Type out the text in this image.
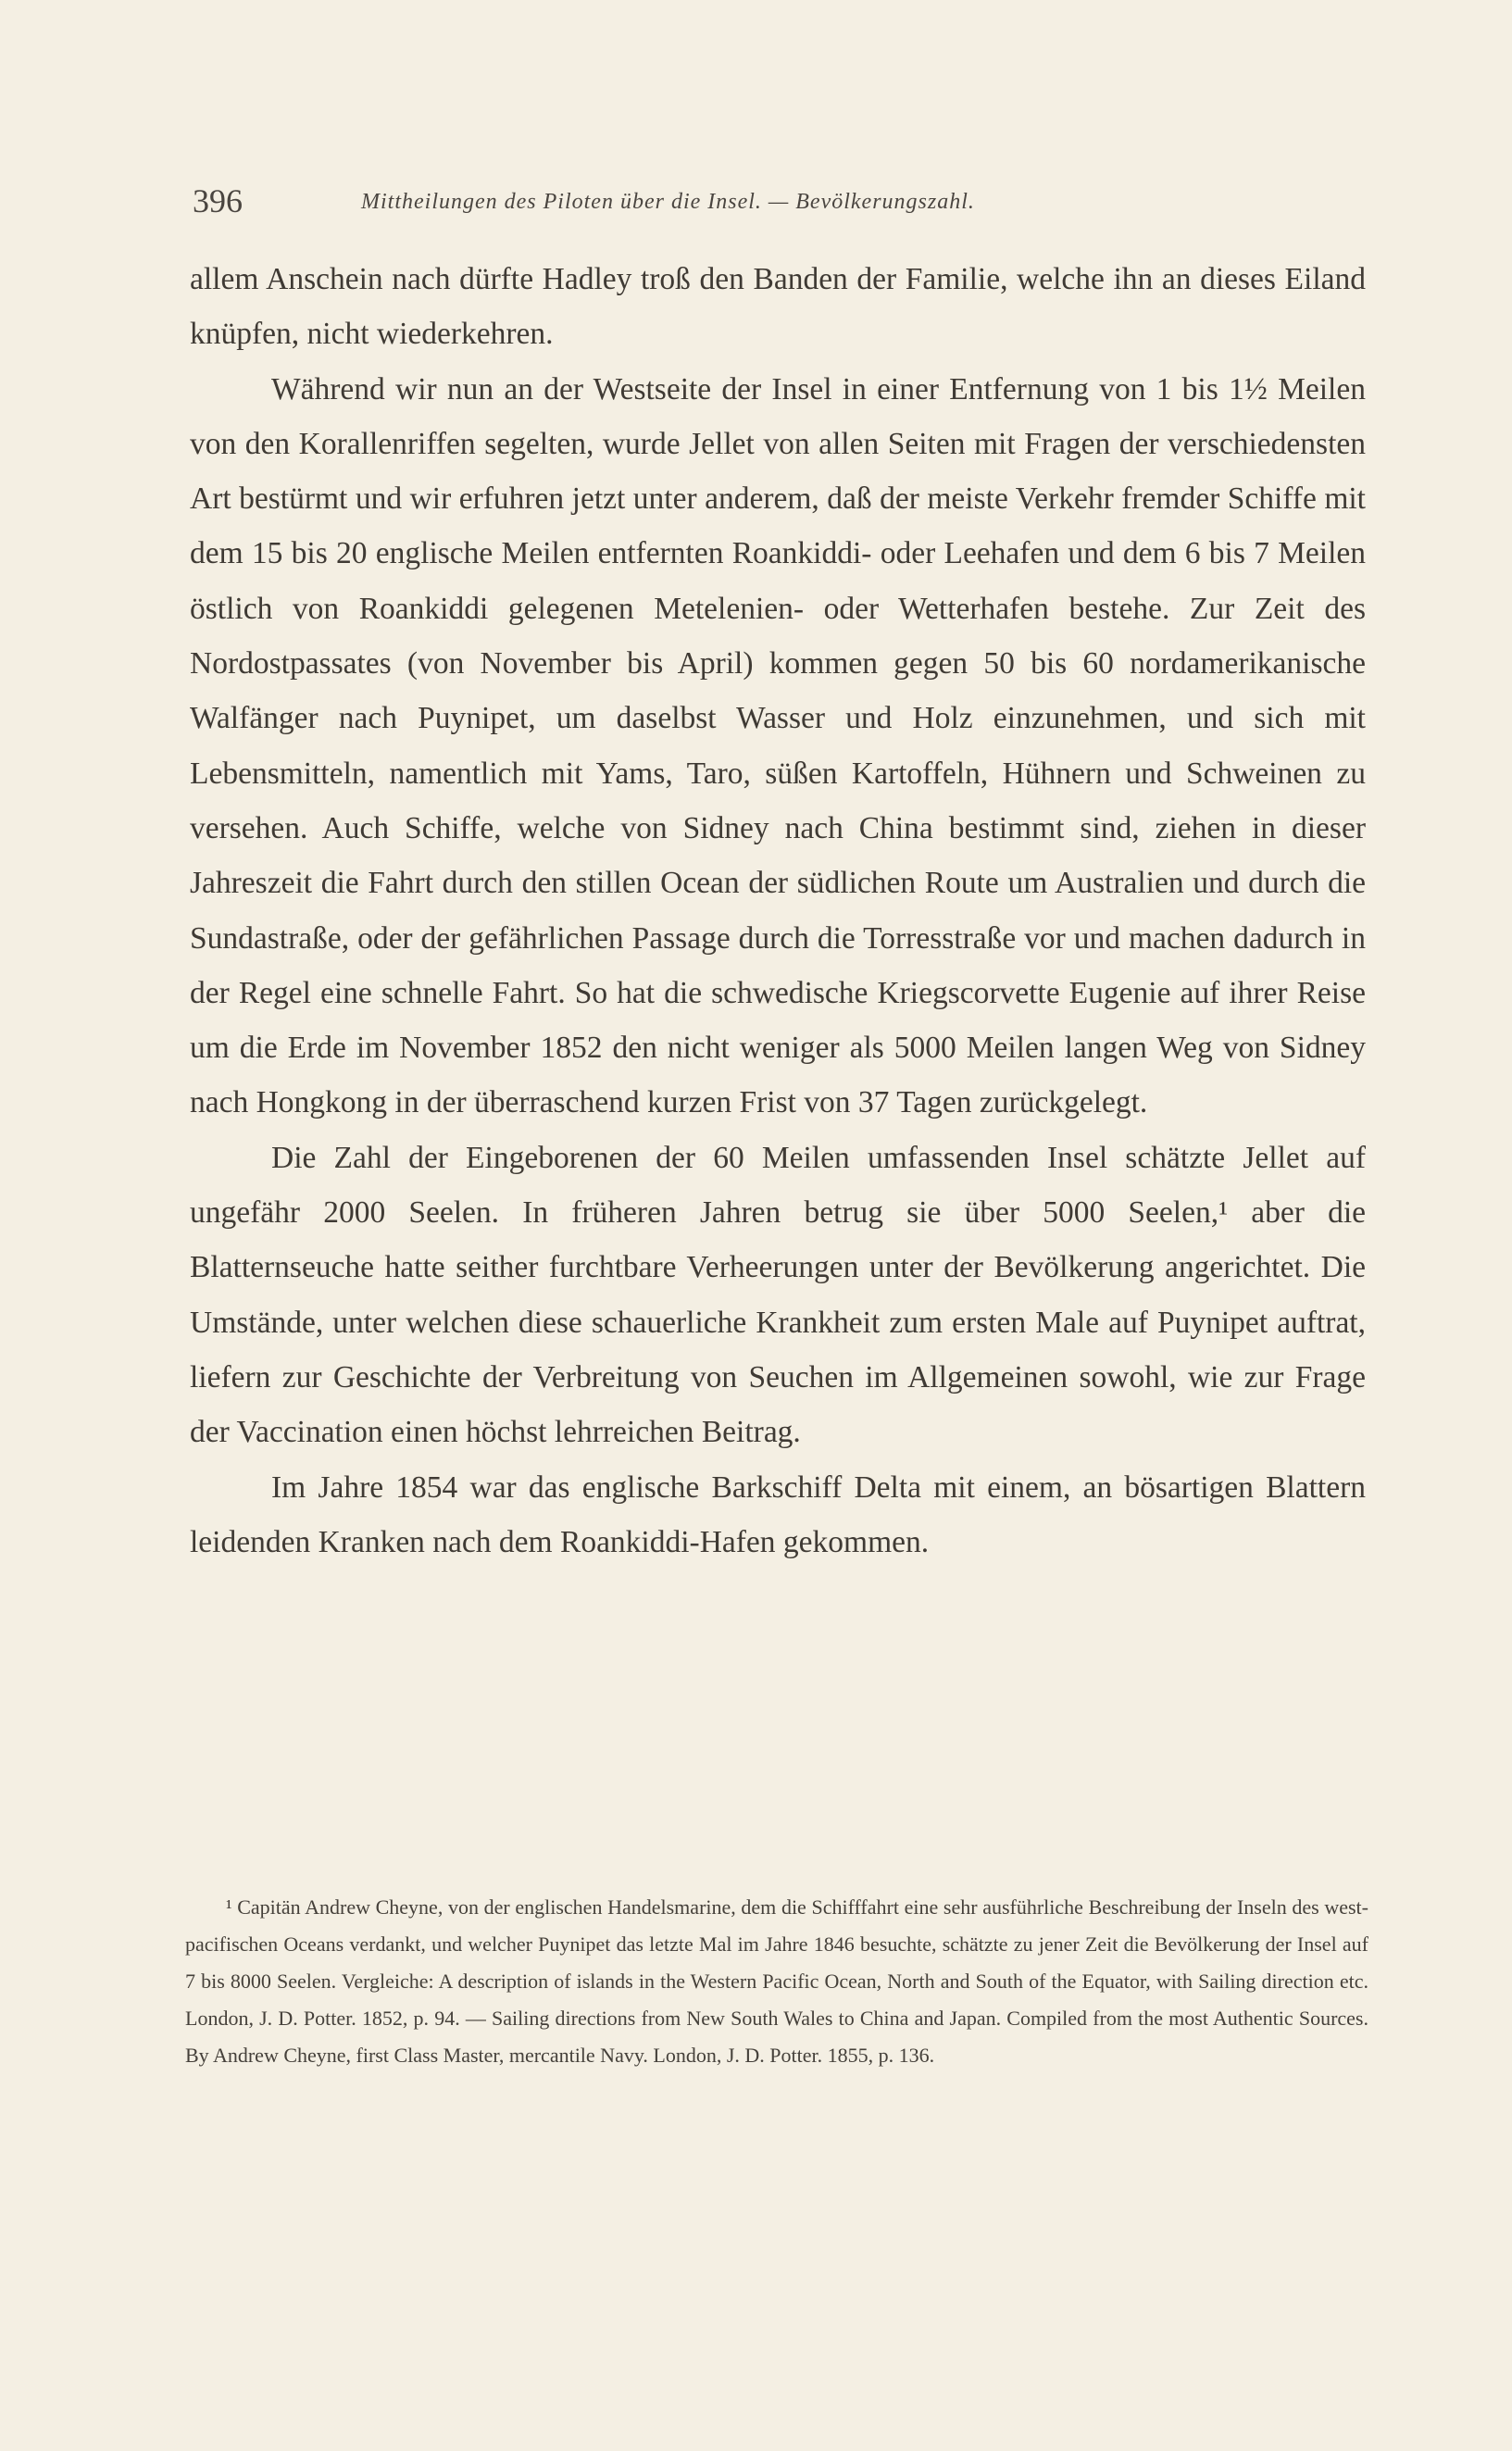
396	Mittheilungen des Piloten über die Insel. — Bevölkerungszahl.

allem Anschein nach dürfte Hadley troß den Banden der Familie, welche ihn an dieses Eiland knüpfen, nicht wiederkehren.

Während wir nun an der Westseite der Insel in einer Entfernung von 1 bis 1½ Meilen von den Korallenriffen segelten, wurde Jellet von allen Seiten mit Fragen der verschiedensten Art bestürmt und wir erfuhren jetzt unter anderem, daß der meiste Verkehr fremder Schiffe mit dem 15 bis 20 englische Meilen entfernten Roankiddi- oder Leehafen und dem 6 bis 7 Meilen östlich von Roankiddi gelegenen Metelenien- oder Wetterhafen bestehe. Zur Zeit des Nordostpassates (von November bis April) kommen gegen 50 bis 60 nordamerikanische Walfänger nach Puynipet, um daselbst Wasser und Holz einzunehmen, und sich mit Lebensmitteln, namentlich mit Yams, Taro, süßen Kartoffeln, Hühnern und Schweinen zu versehen. Auch Schiffe, welche von Sidney nach China bestimmt sind, ziehen in dieser Jahreszeit die Fahrt durch den stillen Ocean der südlichen Route um Australien und durch die Sundastraße, oder der gefährlichen Passage durch die Torresstraße vor und machen dadurch in der Regel eine schnelle Fahrt. So hat die schwedische Kriegscorvette Eugenie auf ihrer Reise um die Erde im November 1852 den nicht weniger als 5000 Meilen langen Weg von Sidney nach Hongkong in der überraschend kurzen Frist von 37 Tagen zurückgelegt.

Die Zahl der Eingeborenen der 60 Meilen umfassenden Insel schätzte Jellet auf ungefähr 2000 Seelen. In früheren Jahren betrug sie über 5000 Seelen,¹ aber die Blatternseuche hatte seither furchtbare Verheerungen unter der Bevölkerung angerichtet. Die Umstände, unter welchen diese schauerliche Krankheit zum ersten Male auf Puynipet auftrat, liefern zur Geschichte der Verbreitung von Seuchen im Allgemeinen sowohl, wie zur Frage der Vaccination einen höchst lehrreichen Beitrag.

Im Jahre 1854 war das englische Barkschiff Delta mit einem, an bösartigen Blattern leidenden Kranken nach dem Roankiddi-Hafen gekommen.

¹ Capitän Andrew Cheyne, von der englischen Handelsmarine, dem die Schifffahrt eine sehr ausführliche Beschreibung der Inseln des west-pacifischen Oceans verdankt, und welcher Puynipet das letzte Mal im Jahre 1846 besuchte, schätzte zu jener Zeit die Bevölkerung der Insel auf 7 bis 8000 Seelen. Vergleiche: A description of islands in the Western Pacific Ocean, North and South of the Equator, with Sailing direction etc. London, J. D. Potter. 1852, p. 94. — Sailing directions from New South Wales to China and Japan. Compiled from the most Authentic Sources. By Andrew Cheyne, first Class Master, mercantile Navy. London, J. D. Potter. 1855, p. 136.
